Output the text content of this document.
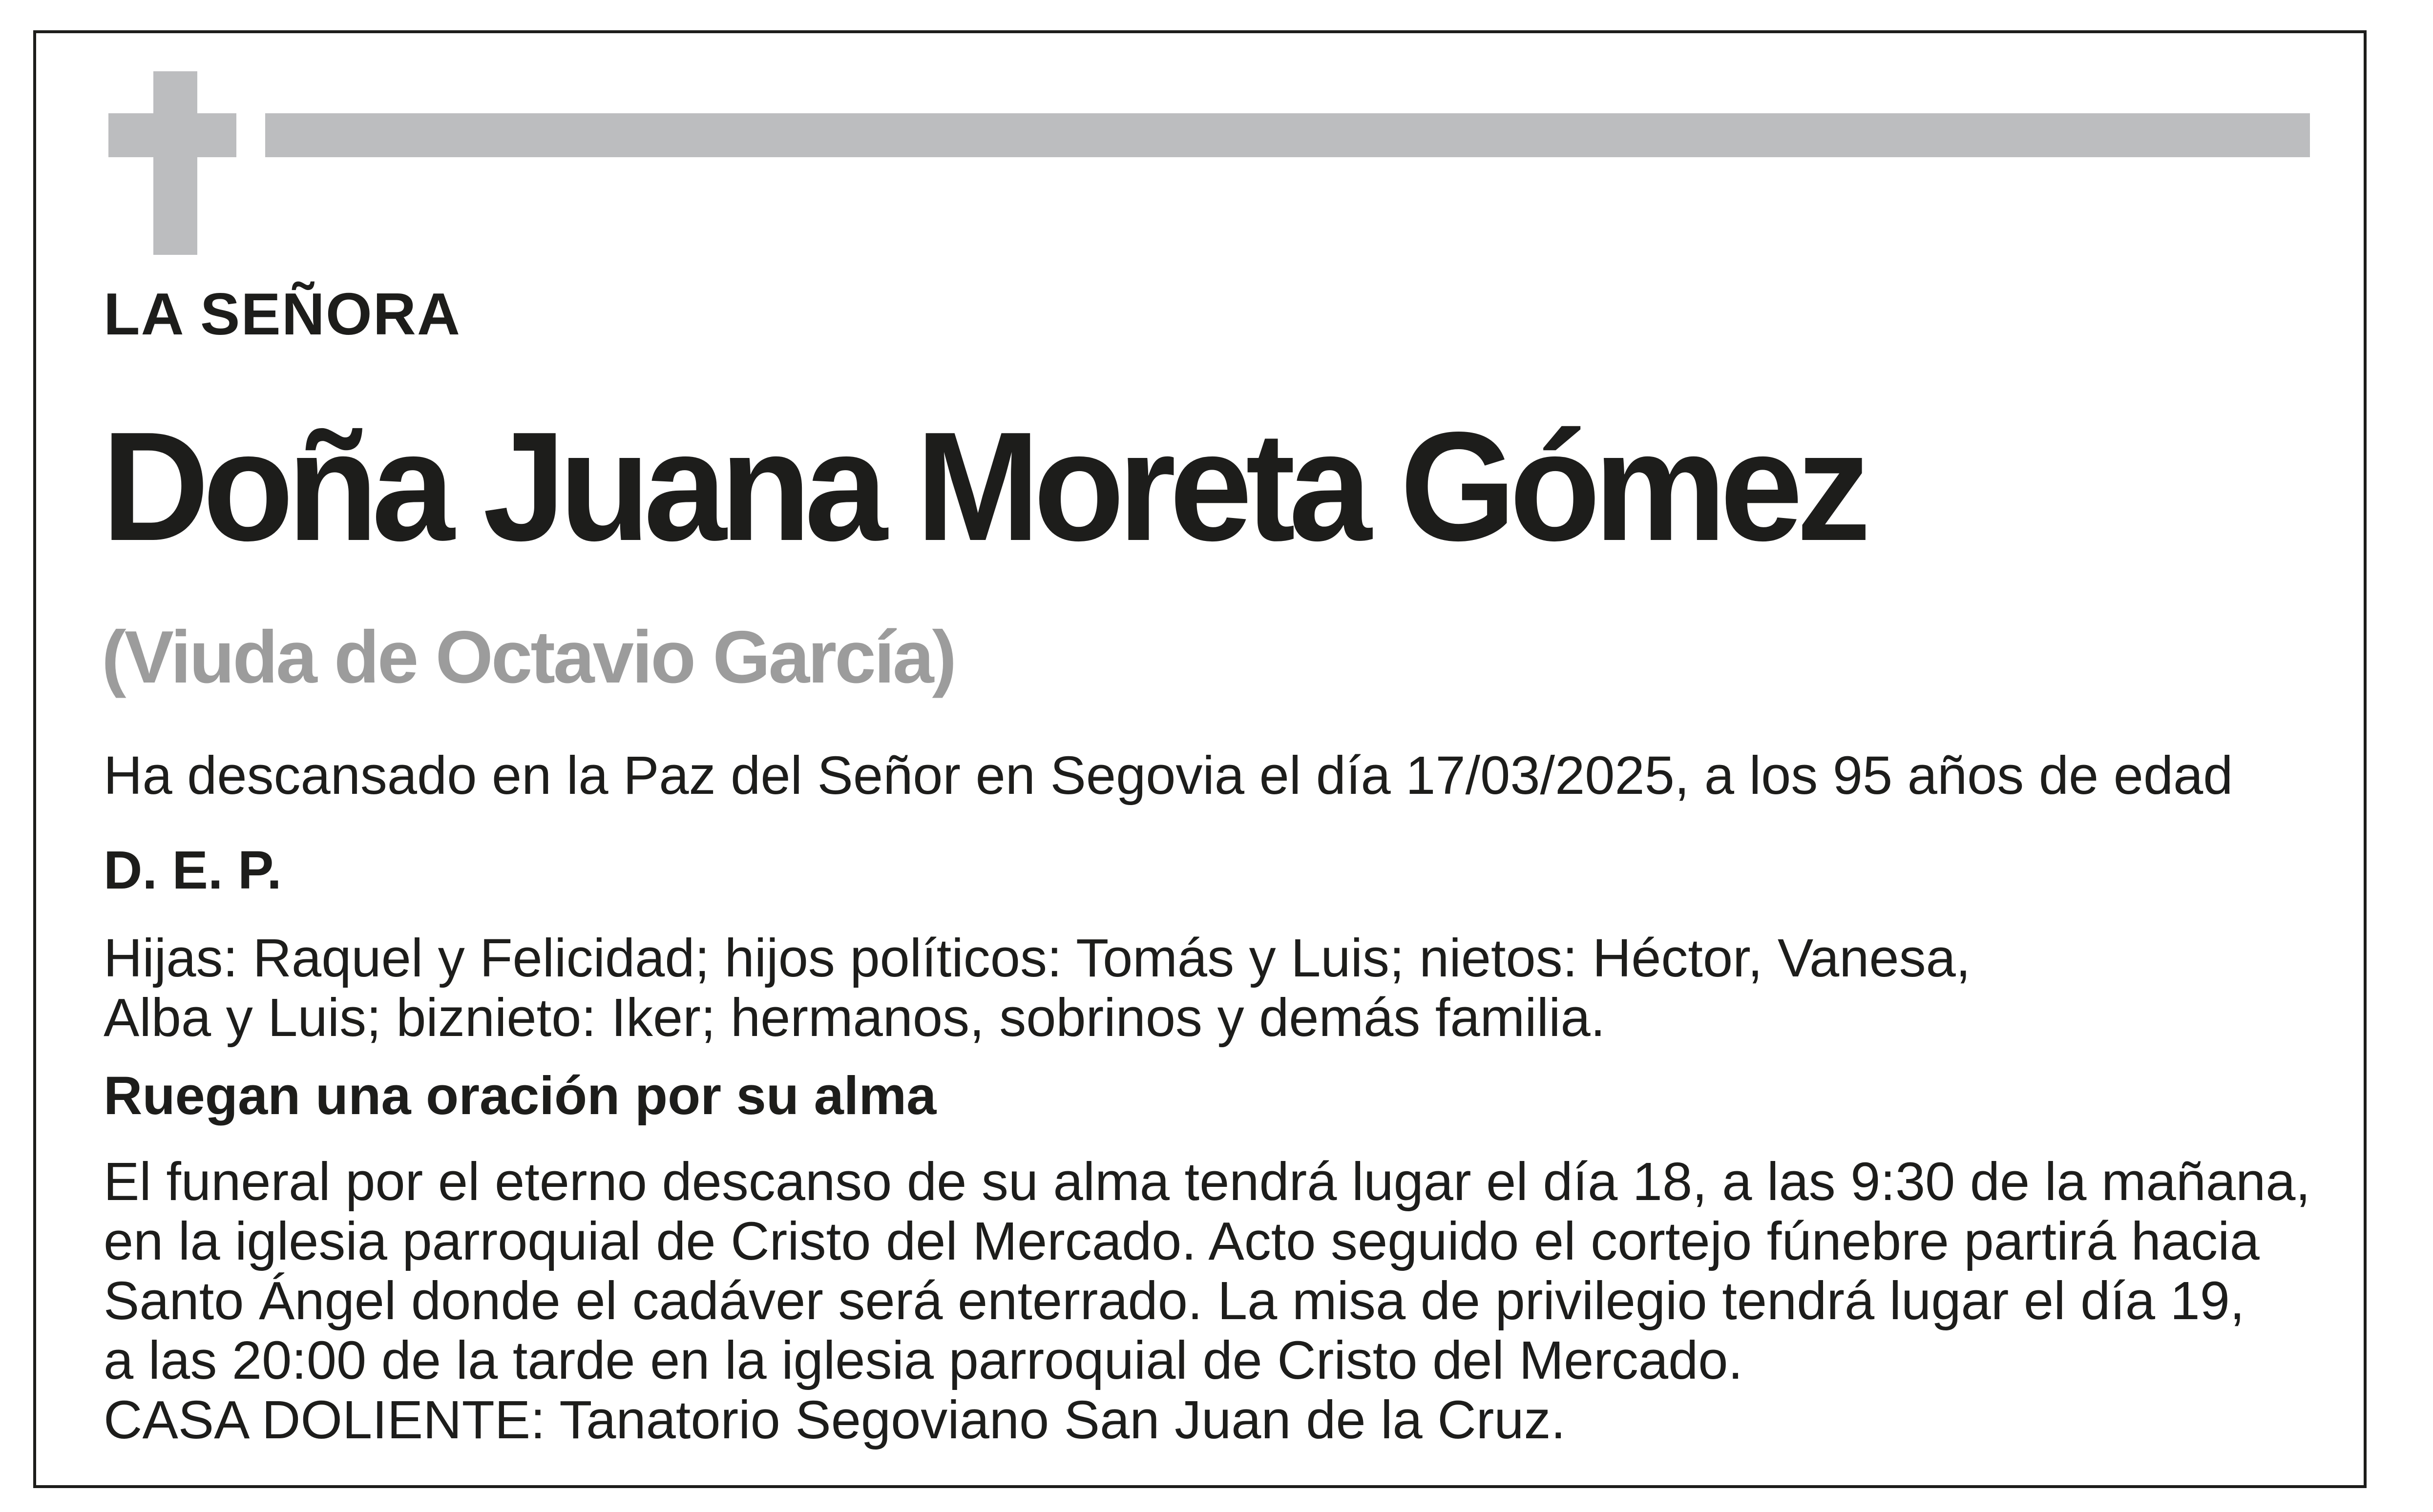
LA SEÑORA
Doña Juana Moreta Gómez
(Viuda de Octavio García)
Ha descansado en la Paz del Señor en Segovia el día 17/03/2025, a los 95 años de edad
D. E. P.
Hijas: Raquel y Felicidad; hijos políticos: Tomás y Luis; nietos: Héctor, Vanesa,
Alba y Luis; biznieto: Iker; hermanos, sobrinos y demás familia.
Ruegan una oración por su alma
El funeral por el eterno descanso de su alma tendrá lugar el día 18, a las 9:30 de la mañana,
en la iglesia parroquial de Cristo del Mercado. Acto seguido el cortejo fúnebre partirá hacia
Santo Ángel donde el cadáver será enterrado. La misa de privilegio tendrá lugar el día 19,
a las 20:00 de la tarde en la iglesia parroquial de Cristo del Mercado.
CASA DOLIENTE: Tanatorio Segoviano San Juan de la Cruz.
